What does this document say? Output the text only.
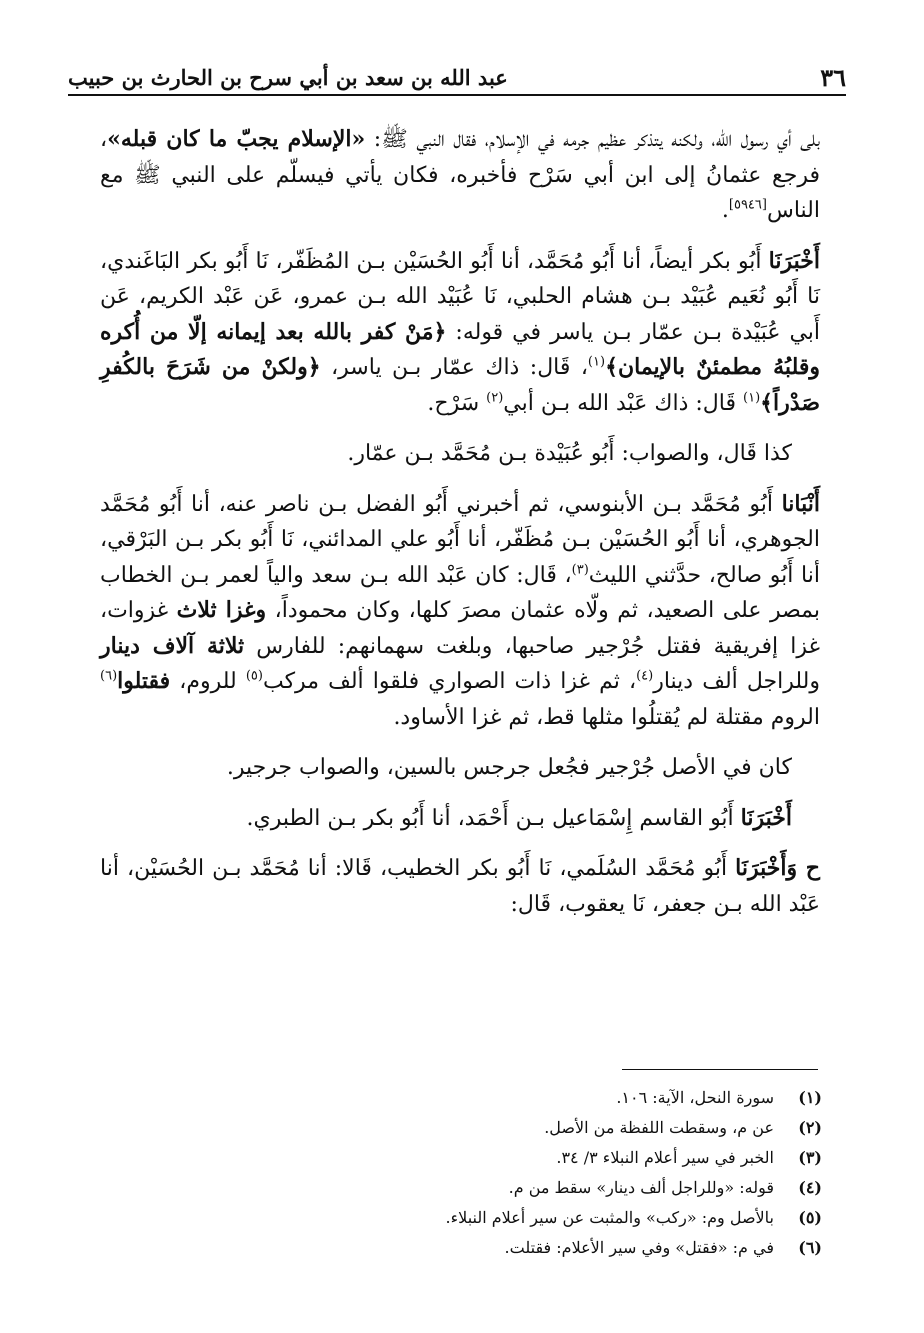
٣٦
عبد الله بن سعد بن أبي سرح بن الحارث بن حبيب

بلى أي رسول الله، ولكنه يتذكر عظيم جرمه في الإسلام، فقال النبي ﷺ: «الإسلام يجبّ ما كان قبله»، فرجع عثمانُ إلى ابن أبي سَرْح فأخبره، فكان يأتي فيسلّم على النبي ﷺ مع الناس[٥٩٤٦].

أَخْبَرَنَا أَبُو بكر أيضاً، أنا أَبُو مُحَمَّد، أنا أَبُو الحُسَيْن بـن المُظَفّر، نَا أَبُو بكر البَاغَندي، نَا أَبُو نُعَيم عُبَيْد بـن هشام الحلبي، نَا عُبَيْد الله بـن عمرو، عَن عَبْد الكريم، عَن أَبي عُبَيْدة بـن عمّار بـن ياسر في قوله: ﴿مَنْ كفر بالله بعد إيمانه إلّا من أُكره وقلبُهُ مطمئنٌ بالإيمان﴾$^{(١)}$، قَال: ذاك عمّار بـن ياسر، ﴿ولكنْ من شَرَحَ بالكُفرِ صَدْراً﴾$^{(١)}$ قَال: ذاك عَبْد الله بـن أبي$^{(٢)}$ سَرْح.

كذا قَال، والصواب: أَبُو عُبَيْدة بـن مُحَمَّد بـن عمّار.

أَنْبَانا أَبُو مُحَمَّد بـن الأبنوسي، ثم أخبرني أَبُو الفضل بـن ناصر عنه، أنا أَبُو مُحَمَّد الجوهري، أنا أَبُو الحُسَيْن بـن مُظَفّر، أنا أَبُو علي المدائني، نَا أَبُو بكر بـن البَرْقي، أنا أَبُو صالح، حدَّثني الليث$^{(٣)}$، قَال: كان عَبْد الله بـن سعد والياً لعمر بـن الخطاب بمصر على الصعيد، ثم ولّاه عثمان مصرَ كلها، وكان محموداً، وغزا ثلاث غزوات، غزا إفريقية فقتل جُرْجير صاحبها، وبلغت سهمانهم: للفارس ثلاثة آلاف دينار وللراجل ألف دينار$^{(٤)}$، ثم غزا ذات الصواري فلقوا ألف مركب$^{(٥)}$ للروم، فقتلوا$^{(٦)}$ الروم مقتلة لم يُقتلُوا مثلها قط، ثم غزا الأساود.

كان في الأصل جُرْجير فجُعل جرجس بالسين، والصواب جرجير.

أَخْبَرَنَا أَبُو القاسم إِسْمَاعيل بـن أَحْمَد، أنا أَبُو بكر بـن الطبري.

ح وَأَخْبَرَنَا أَبُو مُحَمَّد السُلَمي، نَا أَبُو بكر الخطيب، قَالا: أنا مُحَمَّد بـن الحُسَيْن، أنا عَبْد الله بـن جعفر، نَا يعقوب، قَال:

(١)
سورة النحل، الآية: ١٠٦.
(٢)
عن م، وسقطت اللفظة من الأصل.
(٣)
الخبر في سير أعلام النبلاء ٣/ ٣٤.
(٤)
قوله: «وللراجل ألف دينار» سقط من م.
(٥)
بالأصل وم: «ركب» والمثبت عن سير أعلام النبلاء.
(٦)
في م: «فقتل» وفي سير الأعلام: فقتلت.
